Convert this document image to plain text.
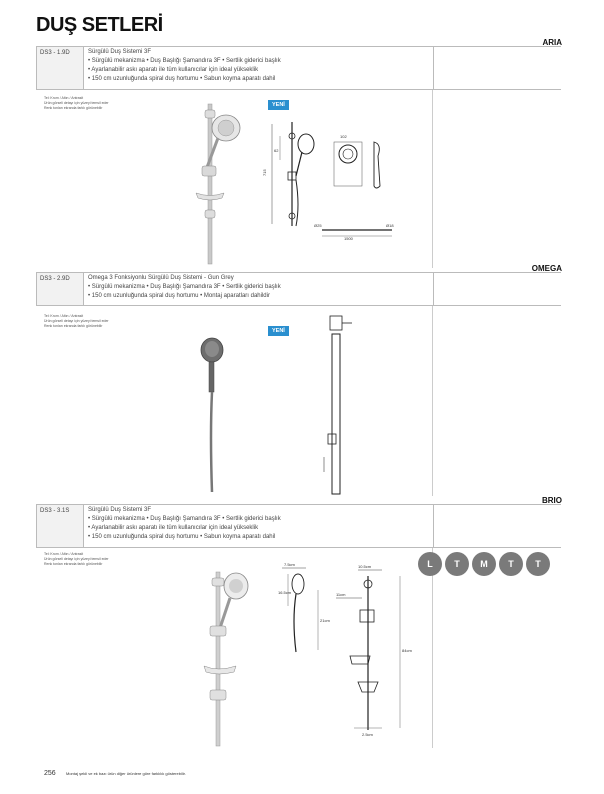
DUŞ SETLERİ
ARIA
DS3 - 1.9D	Sürgülü Duş Sistemi 3F
• Sürgülü mekanizma • Duş Başlığı Şamandıra 3F • Sertlik giderici başlık
• Ayarlanabilir askı aparatı ile tüm kullanıcılar için ideal yükseklik
• 150 cm uzunluğunda spiral duş hortumu • Sabun koyma aparatı dahil
Tel: Krom / Altın / Antrasit
Ürün görseli detayı için yüzeyi temsil eder
Renk tonları ekranda farklı görünebilir	YENİ
715
62
102
Ø25	Ø18
1500
OMEGA
DS3 - 2.9D	Omega 3 Fonksiyonlu Sürgülü Duş Sistemi - Gun Grey
• Sürgülü mekanizma • Duş Başlığı Şamandıra 3F • Sertlik giderici başlık
• 150 cm uzunluğunda spiral duş hortumu • Montaj aparatları dahildir
Tel: Krom / Altın / Antrasit
Ürün görseli detayı için yüzeyi temsil eder
Renk tonları ekranda farklı görünebilir
YENİ
BRIO
DS3 - 3.1S	Sürgülü Duş Sistemi 3F
• Sürgülü mekanizma • Duş Başlığı Şamandıra 3F • Sertlik giderici başlık
• Ayarlanabilir askı aparatı ile tüm kullanıcılar için ideal yükseklik
• 150 cm uzunluğunda spiral duş hortumu • Sabun koyma aparatı dahil
Tel: Krom / Altın / Antrasit
Ürün görseli detayı için yüzeyi temsil eder
Renk tonları ekranda farklı görünebilir	L	T	M	T	T
7.5cm
16.5cm
21cm
10.5cm
11cm
84cm
2.5cm
256	Montaj şekli ve ek bazı ürün diğer ürünlere göre farklılık gösterebilir.
